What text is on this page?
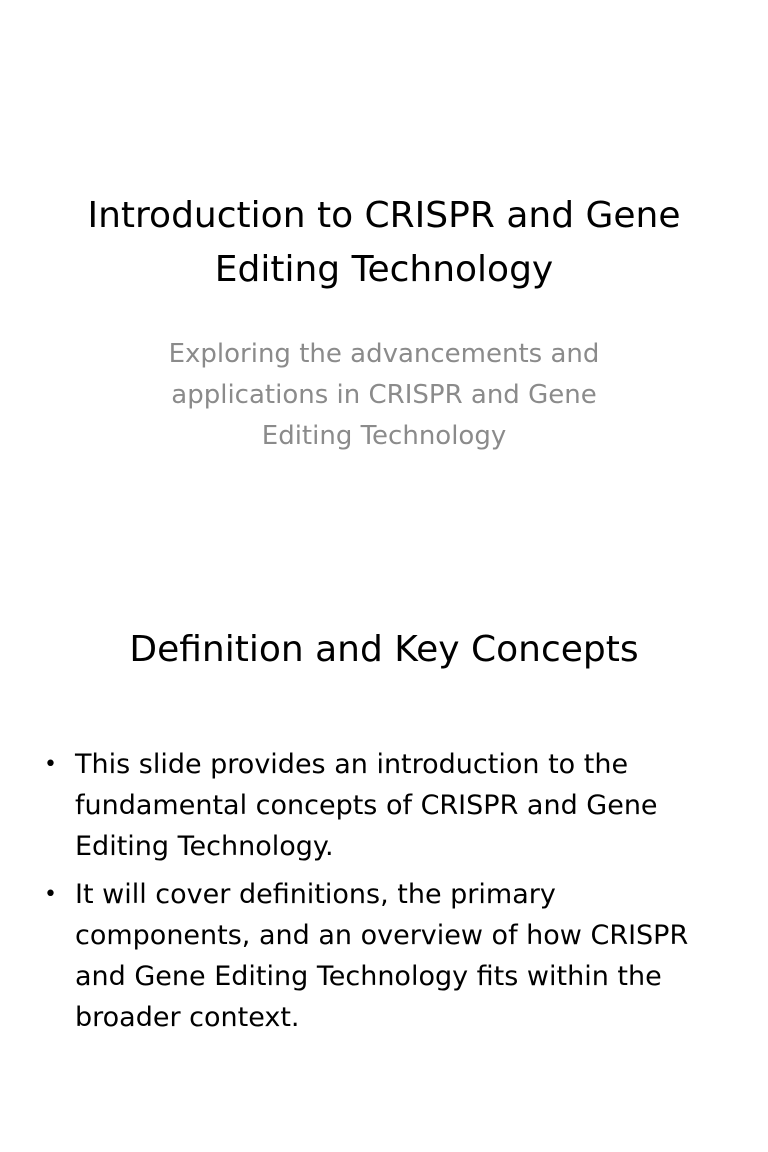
Introduction to CRISPR and Gene Editing Technology

Exploring the advancements and applications in CRISPR and Gene Editing Technology

Definition and Key Concepts
• This slide provides an introduction to the fundamental concepts of CRISPR and Gene Editing Technology.
• It will cover definitions, the primary components, and an overview of how CRISPR and Gene Editing Technology fits within the broader context.
